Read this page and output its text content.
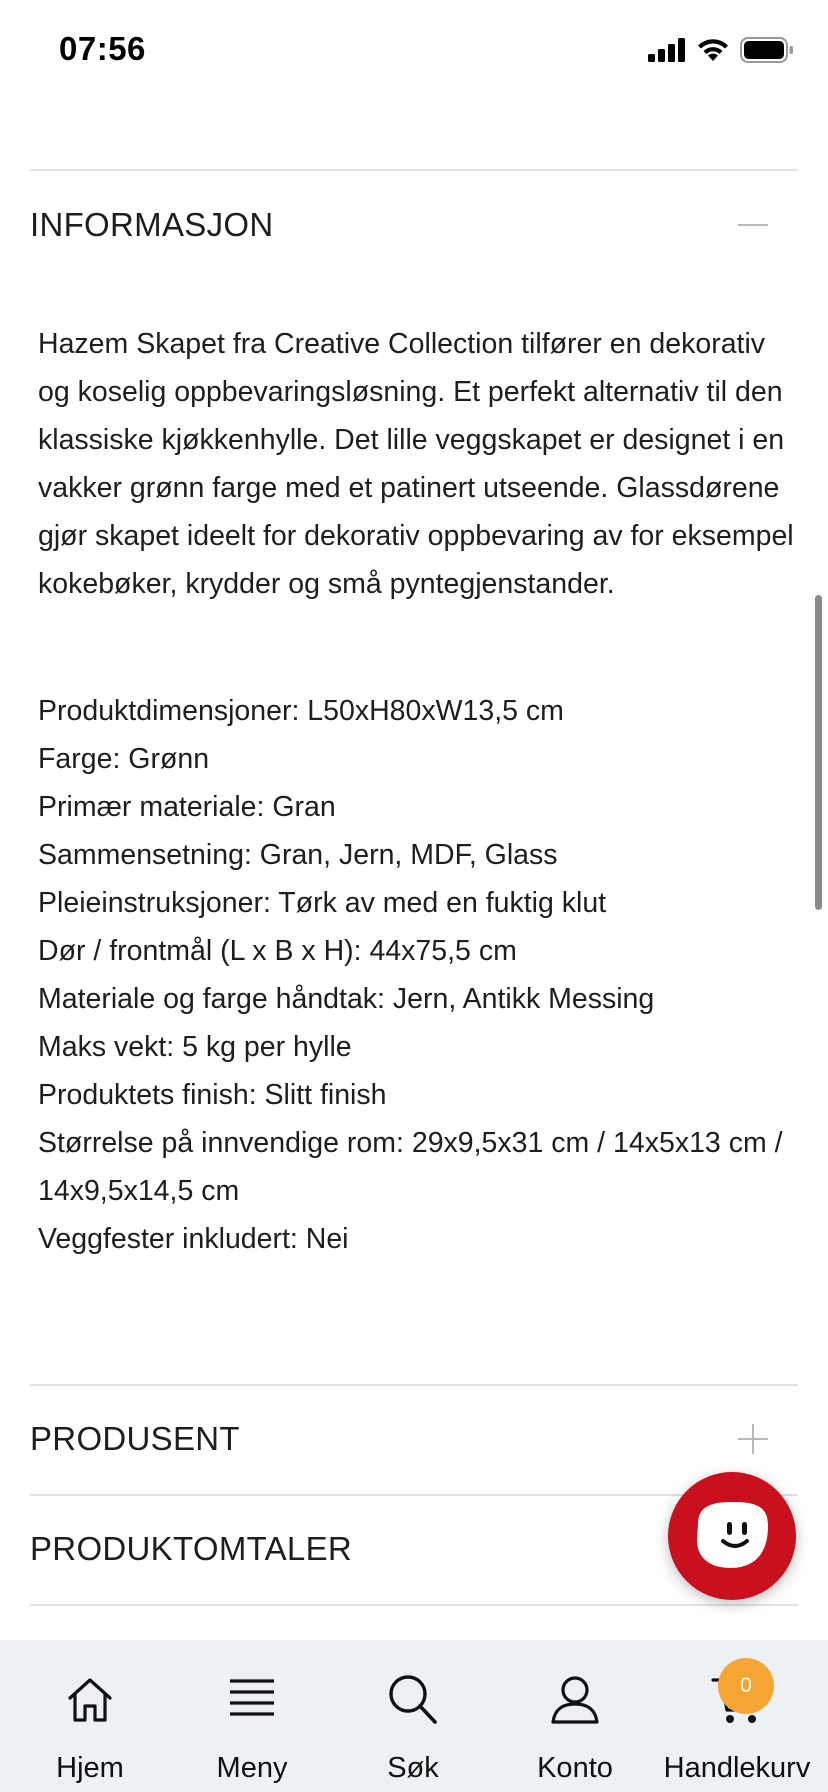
07:56
INFORMASJON

Hazem Skapet fra Creative Collection tilfører en dekorativ og koselig oppbevaringsløsning. Et perfekt alternativ til den klassiske kjøkkenhylle. Det lille veggskapet er designet i en vakker grønn farge med et patinert utseende. Glassdørene gjør skapet ideelt for dekorativ oppbevaring av for eksempel kokebøker, krydder og små pyntegjenstander.

Produktdimensjoner: L50xH80xW13,5 cm
Farge: Grønn
Primær materiale: Gran
Sammensetning: Gran, Jern, MDF, Glass
Pleieinstruksjoner: Tørk av med en fuktig klut
Dør / frontmål (L x B x H): 44x75,5 cm
Materiale og farge håndtak: Jern, Antikk Messing
Maks vekt: 5 kg per hylle
Produktets finish: Slitt finish
Størrelse på innvendige rom: 29x9,5x31 cm / 14x5x13 cm / 14x9,5x14,5 cm
Veggfester inkludert: Nei
PRODUSENT
PRODUKTOMTALER
Hjem	Meny	Søk	Konto	Handlekurv
0
